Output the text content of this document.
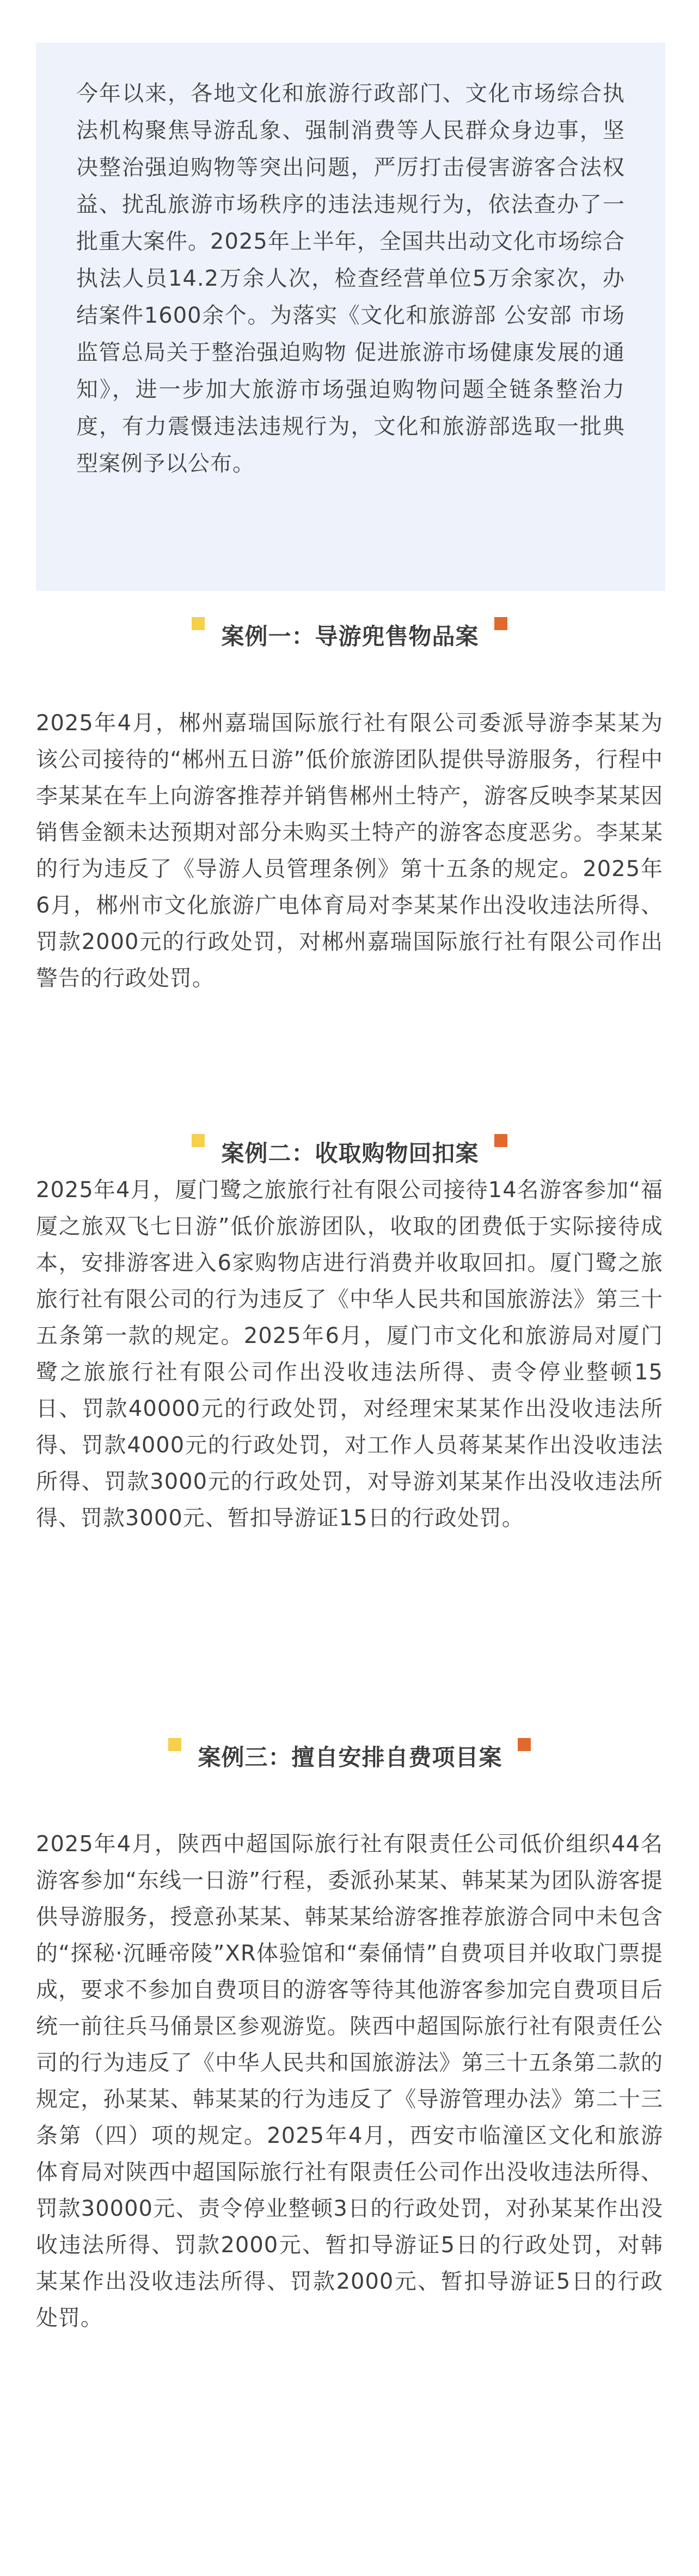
今年以来，各地文化和旅游行政部门、文化市场综合执法机构聚焦导游乱象、强制消费等人民群众身边事，坚决整治强迫购物等突出问题，严厉打击侵害游客合法权益、扰乱旅游市场秩序的违法违规行为，依法查办了一批重大案件。2025年上半年，全国共出动文化市场综合执法人员14.2万余人次，检查经营单位5万余家次，办结案件1600余个。为落实《文化和旅游部 公安部 市场监管总局关于整治强迫购物 促进旅游市场健康发展的通知》，进一步加大旅游市场强迫购物问题全链条整治力度，有力震慑违法违规行为，文化和旅游部选取一批典型案例予以公布。

案例一：导游兜售物品案

2025年4月，郴州嘉瑞国际旅行社有限公司委派导游李某某为该公司接待的“郴州五日游”低价旅游团队提供导游服务，行程中李某某在车上向游客推荐并销售郴州土特产，游客反映李某某因销售金额未达预期对部分未购买土特产的游客态度恶劣。李某某的行为违反了《导游人员管理条例》第十五条的规定。2025年6月，郴州市文化旅游广电体育局对李某某作出没收违法所得、罚款2000元的行政处罚，对郴州嘉瑞国际旅行社有限公司作出警告的行政处罚。

案例二：收取购物回扣案

2025年4月，厦门鹭之旅旅行社有限公司接待14名游客参加“福厦之旅双飞七日游”低价旅游团队，收取的团费低于实际接待成本，安排游客进入6家购物店进行消费并收取回扣。厦门鹭之旅旅行社有限公司的行为违反了《中华人民共和国旅游法》第三十五条第一款的规定。2025年6月，厦门市文化和旅游局对厦门鹭之旅旅行社有限公司作出没收违法所得、责令停业整顿15日、罚款40000元的行政处罚，对经理宋某某作出没收违法所得、罚款4000元的行政处罚，对工作人员蒋某某作出没收违法所得、罚款3000元的行政处罚，对导游刘某某作出没收违法所得、罚款3000元、暂扣导游证15日的行政处罚。

案例三：擅自安排自费项目案

2025年4月，陕西中超国际旅行社有限责任公司低价组织44名游客参加“东线一日游”行程，委派孙某某、韩某某为团队游客提供导游服务，授意孙某某、韩某某给游客推荐旅游合同中未包含的“探秘·沉睡帝陵”XR体验馆和“秦俑情”自费项目并收取门票提成，要求不参加自费项目的游客等待其他游客参加完自费项目后统一前往兵马俑景区参观游览。陕西中超国际旅行社有限责任公司的行为违反了《中华人民共和国旅游法》第三十五条第二款的规定，孙某某、韩某某的行为违反了《导游管理办法》第二十三条第（四）项的规定。2025年4月，西安市临潼区文化和旅游体育局对陕西中超国际旅行社有限责任公司作出没收违法所得、罚款30000元、责令停业整顿3日的行政处罚，对孙某某作出没收违法所得、罚款2000元、暂扣导游证5日的行政处罚，对韩某某作出没收违法所得、罚款2000元、暂扣导游证5日的行政处罚。
